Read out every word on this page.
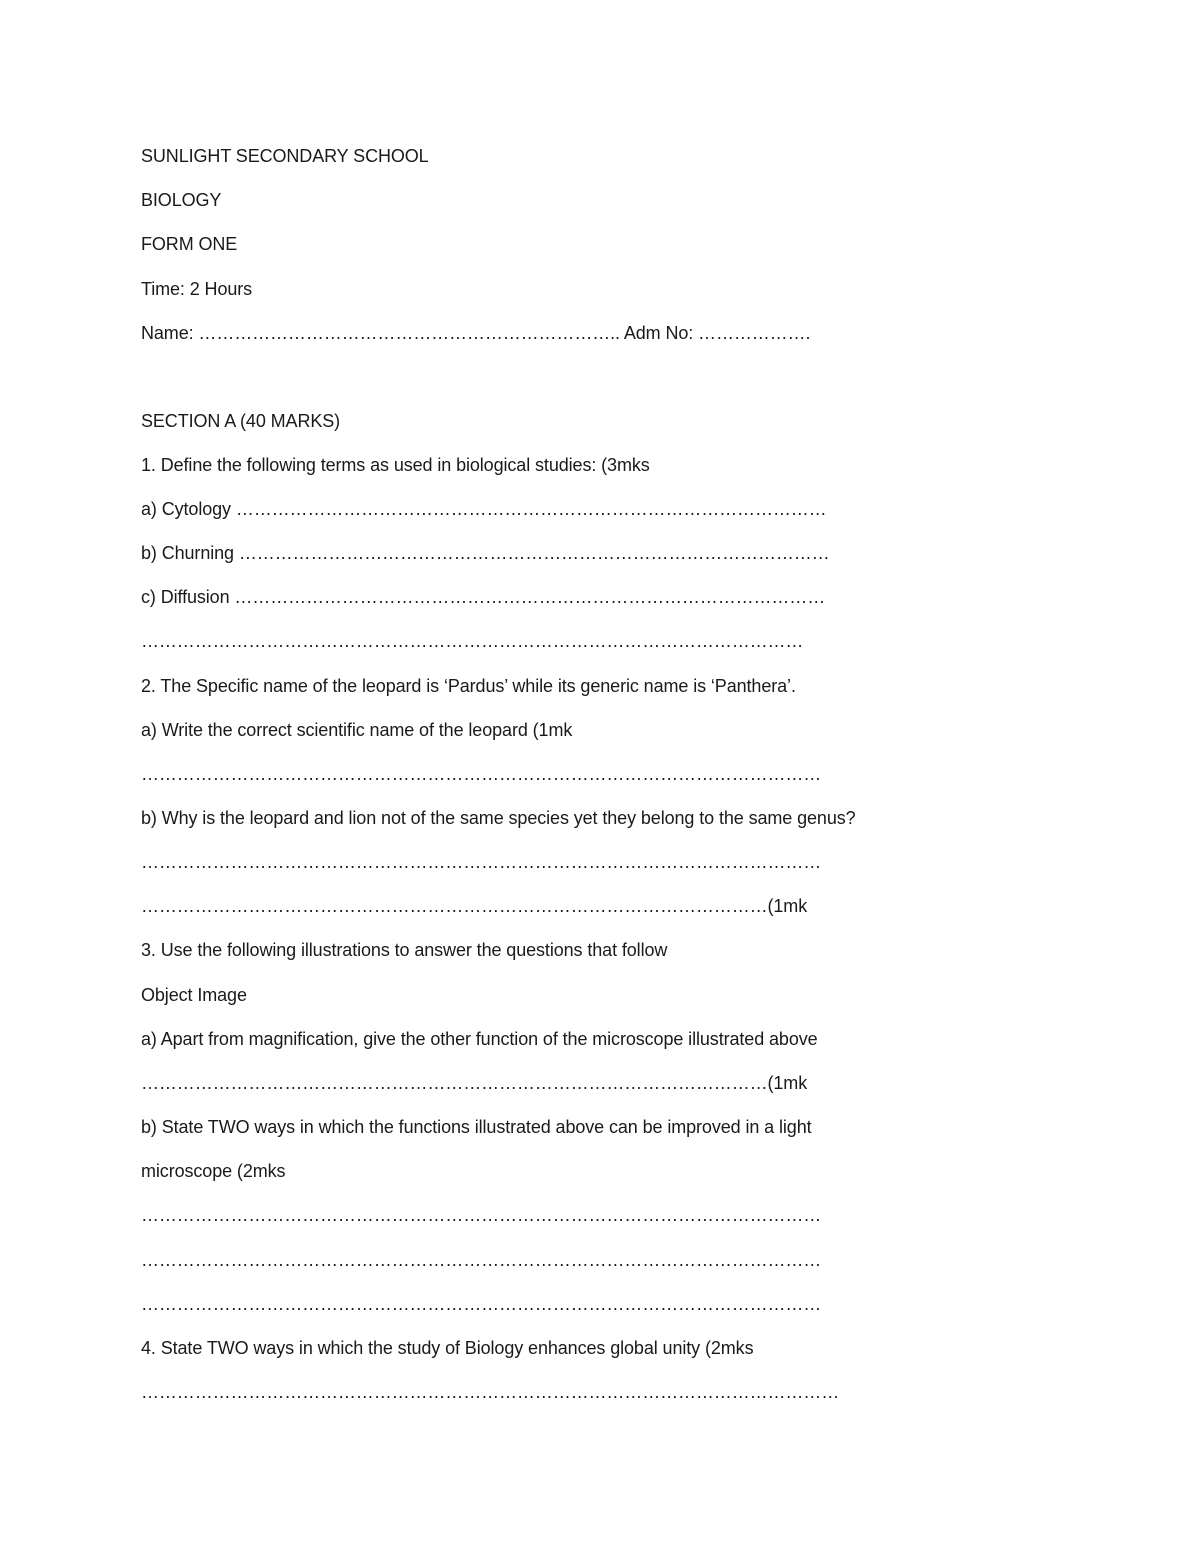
SUNLIGHT SECONDARY SCHOOL
BIOLOGY
FORM ONE
Time: 2 Hours
Name: …………………………………………………………….. Adm No: ……………….
SECTION A (40 MARKS)
1. Define the following terms as used in biological studies: (3mks
a) Cytology ………………………………………………………………………………………
b) Churning ………………………………………………………………………………………
c) Diffusion ………………………………………………………………………………………
…………………………………………………………………………………………………
2. The Specific name of the leopard is ‘Pardus’ while its generic name is ‘Panthera’.
a) Write the correct scientific name of the leopard (1mk
……………………………………………………………………………………………………
b) Why is the leopard and lion not of the same species yet they belong to the same genus?
……………………………………………………………………………………………………
……………………………………………………………………………………………(1mk
3. Use the following illustrations to answer the questions that follow
Object Image
a) Apart from magnification, give the other function of the microscope illustrated above
……………………………………………………………………………………………(1mk
b) State TWO ways in which the functions illustrated above can be improved in a light
microscope (2mks
……………………………………………………………………………………………………
……………………………………………………………………………………………………
……………………………………………………………………………………………………
4. State TWO ways in which the study of Biology enhances global unity (2mks
………………………………………………………………………………………………………
